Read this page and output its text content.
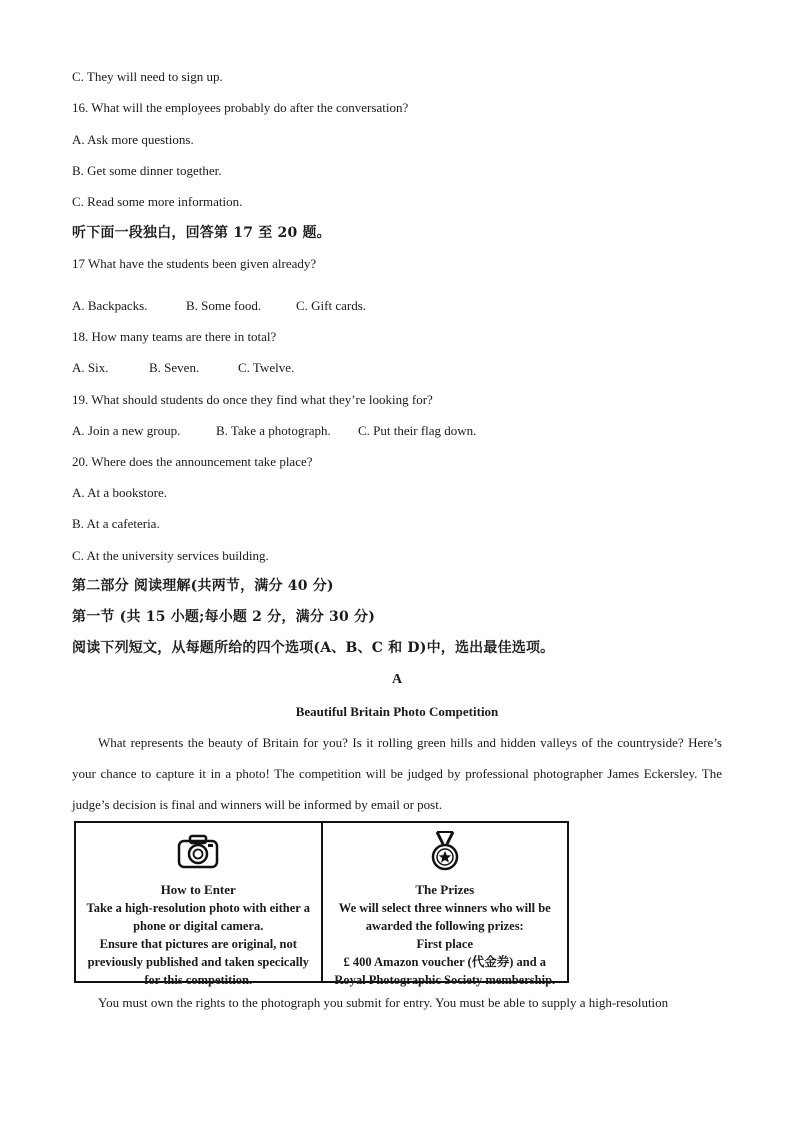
C. They will need to sign up.
16. What will the employees probably do after the conversation?
A. Ask more questions.
B. Get some dinner together.
C. Read some more information.
听下面一段独白，回答第 17 至 20 题。
17 What have the students been given already?
A. Backpacks.	B. Some food.	C. Gift cards.
18. How many teams are there in total?
A. Six.	B. Seven.	C. Twelve.
19. What should students do once they find what they’re looking for?
A. Join a new group.	B. Take a photograph. C. Put their flag down.
20. Where does the announcement take place?
A. At a bookstore.
B. At a cafeteria.
C. At the university services building.
第二部分 阅读理解(共两节，满分 40 分)
第一节 (共 15 小题;每小题 2 分，满分 30 分)
阅读下列短文，从每题所给的四个选项(A、B、C 和 D)中，选出最佳选项。
A
Beautiful Britain Photo Competition
What represents the beauty of Britain for you? Is it rolling green hills and hidden valleys of the countryside? Here’s your chance to capture it in a photo! The competition will be judged by professional photographer James Eckersley. The judge’s decision is final and winners will be informed by email or post.
How to Enter
Take a high-resolution photo with either a
phone or digital camera.
Ensure that pictures are original, not
previously published and taken specically
for this competition.
The Prizes
We will select three winners who will be
awarded the following prizes:
First place
£ 400 Amazon voucher (代金券) and a
Royal Photographic Society membership.
You must own the rights to the photograph you submit for entry. You must be able to supply a high-resolution
